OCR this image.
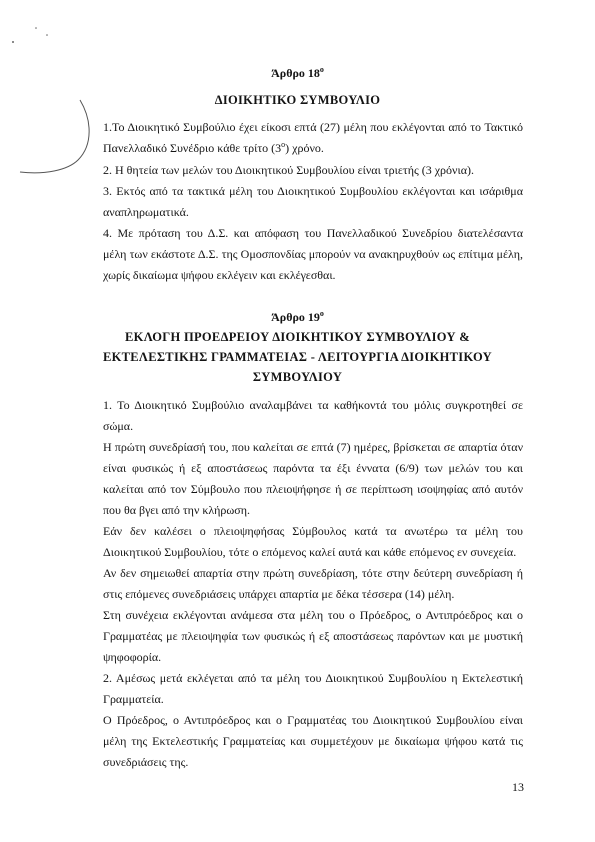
Άρθρο $18^o$
ΔΙΟΙΚΗΤΙΚΟ ΣΥΜΒΟΥΛΙΟ
1.Το Διοικητικό Συμβούλιο έχει είκοσι επτά (27) μέλη που εκλέγονται από το Τακτικό
Πανελλαδικό Συνέδριο κάθε τρίτο $(3^o)$ χρόνο.
2. Η θητεία των μελών του Διοικητικού Συμβουλίου είναι τριετής (3 χρόνια).
3. Εκτός από τα τακτικά μέλη του Διοικητικού Συμβουλίου εκλέγονται και ισάριθμα
αναπληρωματικά.
4. Με πρόταση του Δ.Σ. και απόφαση του Πανελλαδικού Συνεδρίου διατελέσαντα
μέλη των εκάστοτε Δ.Σ. της Ομοσπονδίας μπορούν να ανακηρυχθούν ως επίτιμα μέλη,
χωρίς δικαίωμα ψήφου εκλέγειν και εκλέγεσθαι.
Άρθρο $19^o$
ΕΚΛΟΓΗ ΠΡΟΕΔΡΕΙΟΥ ΔΙΟΙΚΗΤΙΚΟΥ ΣΥΜΒΟΥΛΙΟΥ &
ΕΚΤΕΛΕΣΤΙΚΗΣ ΓΡΑΜΜΑΤΕΙΑΣ - ΛΕΙΤΟΥΡΓΙΑ ΔΙΟΙΚΗΤΙΚΟΥ
ΣΥΜΒΟΥΛΙΟΥ
1. Το Διοικητικό Συμβούλιο αναλαμβάνει τα καθήκοντά του μόλις συγκροτηθεί σε
σώμα.
Η πρώτη συνεδρίασή του, που καλείται σε επτά (7) ημέρες, βρίσκεται σε απαρτία όταν
είναι φυσικώς ή εξ αποστάσεως παρόντα τα έξι έννατα (6/9) των μελών του και
καλείται από τον Σύμβουλο που πλειοψήφησε ή σε περίπτωση ισοψηφίας από αυτόν
που θα βγει από την κλήρωση.
Εάν δεν καλέσει ο πλειοψηφήσας Σύμβουλος κατά τα ανωτέρω τα μέλη του
Διοικητικού Συμβουλίου, τότε ο επόμενος καλεί αυτά και κάθε επόμενος εν συνεχεία.
Αν δεν σημειωθεί απαρτία στην πρώτη συνεδρίαση, τότε στην δεύτερη συνεδρίαση ή
στις επόμενες συνεδριάσεις υπάρχει απαρτία με δέκα τέσσερα (14) μέλη.
Στη συνέχεια εκλέγονται ανάμεσα στα μέλη του ο Πρόεδρος, ο Αντιπρόεδρος και ο
Γραμματέας με πλειοψηφία των φυσικώς ή εξ αποστάσεως παρόντων και με μυστική
ψηφοφορία.
2. Αμέσως μετά εκλέγεται από τα μέλη του Διοικητικού Συμβουλίου η Εκτελεστική
Γραμματεία.
Ο Πρόεδρος, ο Αντιπρόεδρος και ο Γραμματέας του Διοικητικού Συμβουλίου είναι
μέλη της Εκτελεστικής Γραμματείας και συμμετέχουν με δικαίωμα ψήφου κατά τις
συνεδριάσεις της.
13
